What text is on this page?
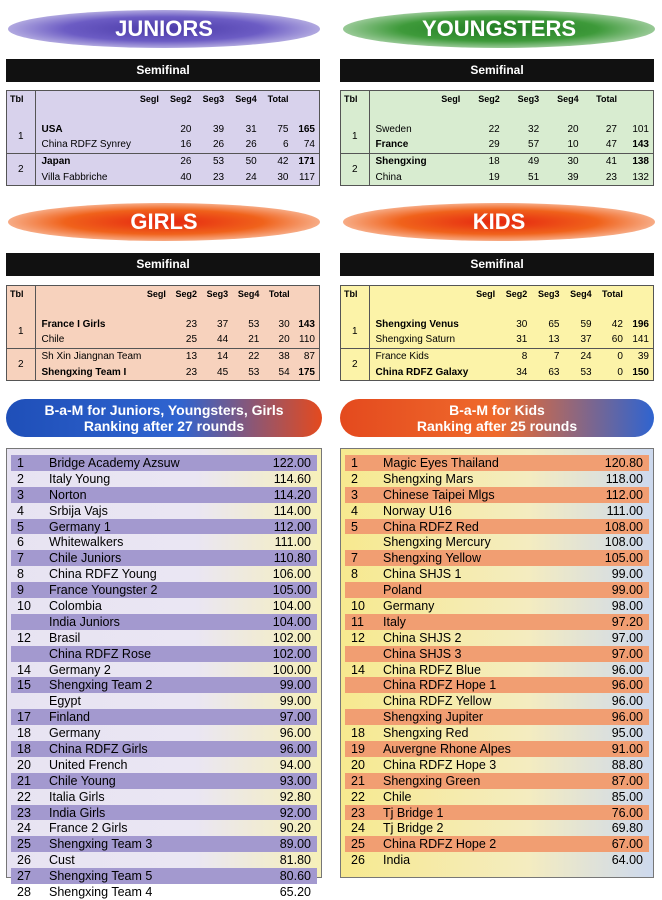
JUNIORS	YOUNGSTERS
GIRLS	KIDS
Semifinal	Semifinal
Semifinal	Semifinal
Tbl	SegI	Seg2	Seg3	Seg4	Total	

1	USA	20	39	31	75	165
	China RDFZ Synrey	16	26	26	6	74
2	Japan	26	53	50	42	171
	Villa Fabbriche	40	23	24	30	117
Tbl	SegI	Seg2	Seg3	Seg4	Total	

1	Sweden	22	32	20	27	101
	France	29	57	10	47	143
2	Shengxing	18	49	30	41	138
	China	19	51	39	23	132
Tbl	SegI	Seg2	Seg3	Seg4	Total	

1	France I Girls	23	37	53	30	143
	Chile	25	44	21	20	110
2	Sh Xin Jiangnan Team	13	14	22	38	87
	Shengxing Team I	23	45	53	54	175
Tbl	SegI	Seg2	Seg3	Seg4	Total	

1	Shengxing Venus	30	65	59	42	196
	Shengxing Saturn	31	13	37	60	141
2	France Kids	8	7	24	0	39
	China RDFZ Galaxy	34	63	53	0	150
B-a-M for Juniors, Youngsters, Girls
Ranking after 27 rounds
B-a-M for Kids
Ranking after 25 rounds
1	Bridge Academy Azsuw	122.00
2	Italy Young	114.60
3	Norton	114.20
4	Srbija Vajs	114.00
5	Germany 1	112.00
6	Whitewalkers	111.00
7	Chile Juniors	110.80
8	China RDFZ Young	106.00
9	France Youngster 2	105.00
10	Colombia	104.00
India Juniors	104.00
12	Brasil	102.00
China RDFZ Rose	102.00
14	Germany 2	100.00
15	Shengxing Team 2	99.00
Egypt	99.00
17	Finland	97.00
18	Germany	96.00
18	China RDFZ Girls	96.00
20	United French	94.00
21	Chile Young	93.00
22	Italia Girls	92.80
23	India Girls	92.00
24	France 2 Girls	90.20
25	Shengxing Team 3	89.00
26	Cust	81.80
27	Shengxing Team 5	80.60
28	Shengxing Team 4	65.20
1	Magic Eyes Thailand	120.80
2	Shengxing Mars	118.00
3	Chinese Taipei Mlgs	112.00
4	Norway U16	111.00
5	China RDFZ Red	108.00
Shengxing Mercury	108.00
7	Shengxing Yellow	105.00
8	China SHJS 1	99.00
Poland	99.00
10	Germany	98.00
11	Italy	97.20
12	China SHJS 2	97.00
China SHJS 3	97.00
14	China RDFZ Blue	96.00
China RDFZ Hope 1	96.00
China RDFZ Yellow	96.00
Shengxing Jupiter	96.00
18	Shengxing Red	95.00
19	Auvergne Rhone Alpes	91.00
20	China RDFZ Hope 3	88.80
21	Shengxing Green	87.00
22	Chile	85.00
23	Tj Bridge 1	76.00
24	Tj Bridge 2	69.80
25	China RDFZ Hope 2	67.00
26	India	64.00
